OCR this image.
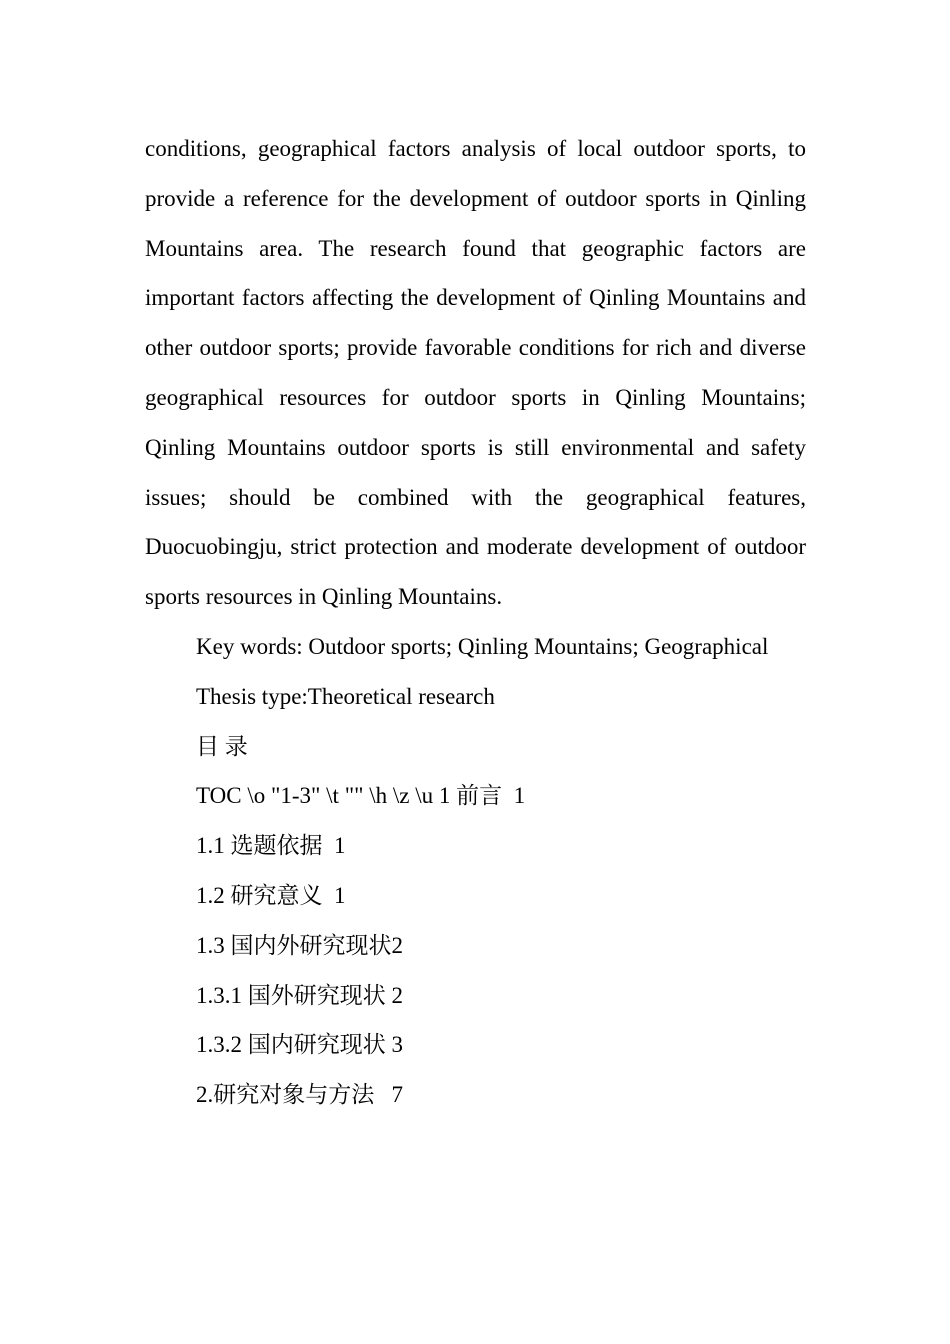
conditions, geographical factors analysis of local outdoor sports, to provide a reference for the development of outdoor sports in Qinling Mountains area. The research found that geographic factors are important factors affecting the development of Qinling Mountains and other outdoor sports; provide favorable conditions for rich and diverse geographical resources for outdoor sports in Qinling Mountains; Qinling Mountains outdoor sports is still environmental and safety issues; should be combined with the geographical features, Duocuobingju, strict protection and moderate development of outdoor sports resources in Qinling Mountains.

Key words: Outdoor sports; Qinling Mountains; Geographical

Thesis type:Theoretical research

目 录

TOC \o "1-3" \t "" \h \z \u 1 前言  1

1.1 选题依据  1

1.2 研究意义  1

1.3 国内外研究现状2

1.3.1 国外研究现状 2

1.3.2 国内研究现状 3

2.研究对象与方法   7
